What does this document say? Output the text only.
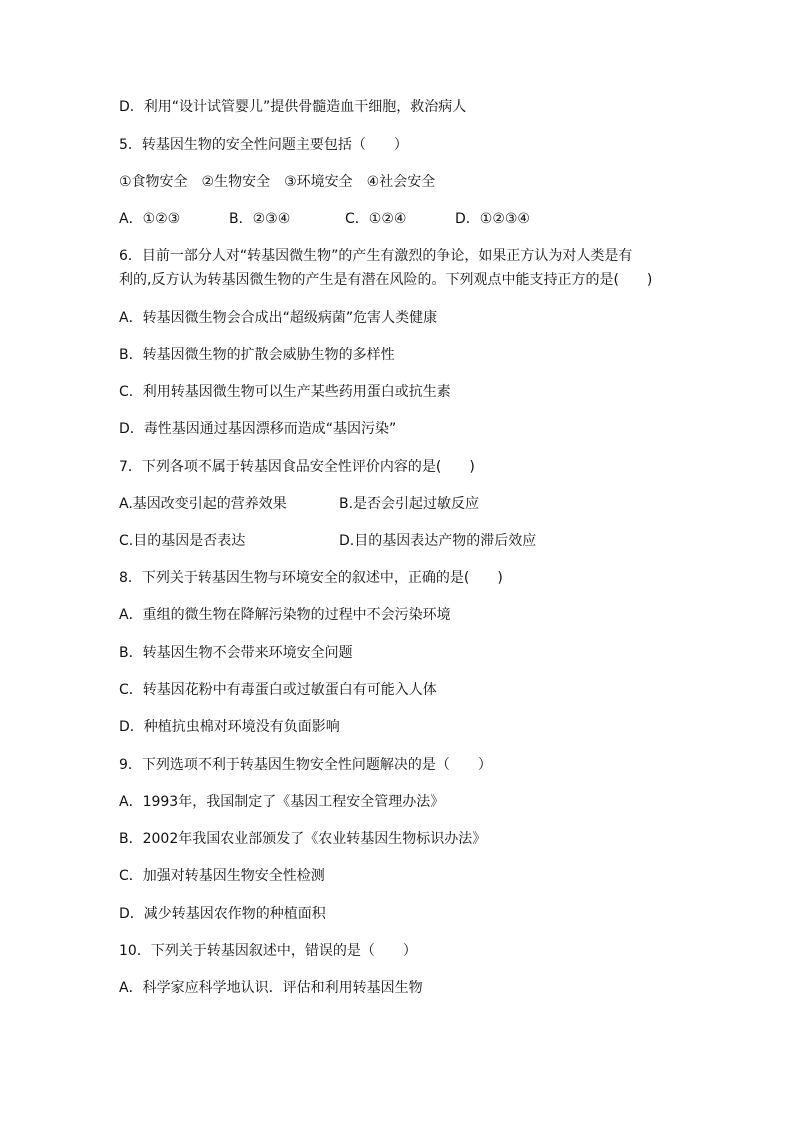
D．利用“设计试管婴儿”提供骨髓造血干细胞，救治病人
5．转基因生物的安全性问题主要包括（　　）
①食物安全　②生物安全　③环境安全　④社会安全
A．①②③	B．②③④	C．①②④	D．①②③④
6．目前一部分人对“转基因微生物”的产生有激烈的争论，如果正方认为对人类是有
利的,反方认为转基因微生物的产生是有潜在风险的。下列观点中能支持正方的是(　　)
A．转基因微生物会合成出“超级病菌”危害人类健康
B．转基因微生物的扩散会威胁生物的多样性
C．利用转基因微生物可以生产某些药用蛋白或抗生素
D．毒性基因通过基因漂移而造成“基因污染”
7．下列各项不属于转基因食品安全性评价内容的是(　　)
A.基因改变引起的营养效果	B.是否会引起过敏反应
C.目的基因是否表达	D.目的基因表达产物的滞后效应
8．下列关于转基因生物与环境安全的叙述中，正确的是(　　)
A．重组的微生物在降解污染物的过程中不会污染环境
B．转基因生物不会带来环境安全问题
C．转基因花粉中有毒蛋白或过敏蛋白有可能入人体
D．种植抗虫棉对环境没有负面影响
9．下列选项不利于转基因生物安全性问题解决的是（　　）
A．1993年，我国制定了《基因工程安全管理办法》
B．2002年我国农业部颁发了《农业转基因生物标识办法》
C．加强对转基因生物安全性检测
D．减少转基因农作物的种植面积
10．下列关于转基因叙述中，错误的是（　　）
A．科学家应科学地认识．评估和利用转基因生物
